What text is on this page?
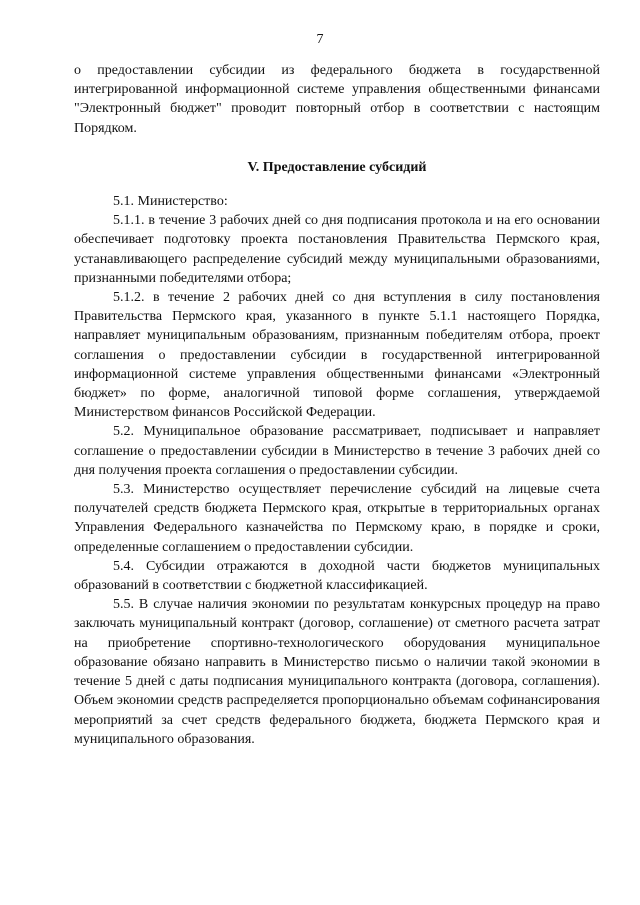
7

о предоставлении субсидии из федерального бюджета в государственной интегрированной информационной системе управления общественными финансами "Электронный бюджет" проводит повторный отбор в соответствии с настоящим Порядком.

V. Предоставление субсидий

5.1. Министерство:

5.1.1. в течение 3 рабочих дней со дня подписания протокола и на его основании обеспечивает подготовку проекта постановления Правительства Пермского края, устанавливающего распределение субсидий между муниципальными образованиями, признанными победителями отбора;

5.1.2. в течение 2 рабочих дней со дня вступления в силу постановления Правительства Пермского края, указанного в пункте 5.1.1 настоящего Порядка, направляет муниципальным образованиям, признанным победителям отбора, проект соглашения о предоставлении субсидии в государственной интегрированной информационной системе управления общественными финансами «Электронный бюджет» по форме, аналогичной типовой форме соглашения, утверждаемой Министерством финансов Российской Федерации.

5.2. Муниципальное образование рассматривает, подписывает и направляет соглашение о предоставлении субсидии в Министерство в течение 3 рабочих дней со дня получения проекта соглашения о предоставлении субсидии.

5.3. Министерство осуществляет перечисление субсидий на лицевые счета получателей средств бюджета Пермского края, открытые в территориальных органах Управления Федерального казначейства по Пермскому краю, в порядке и сроки, определенные соглашением о предоставлении субсидии.

5.4. Субсидии отражаются в доходной части бюджетов муниципальных образований в соответствии с бюджетной классификацией.

5.5. В случае наличия экономии по результатам конкурсных процедур на право заключать муниципальный контракт (договор, соглашение) от сметного расчета затрат на приобретение спортивно-технологического оборудования муниципальное образование обязано направить в Министерство письмо о наличии такой экономии в течение 5 дней с даты подписания муниципального контракта (договора, соглашения). Объем экономии средств распределяется пропорционально объемам софинансирования мероприятий за счет средств федерального бюджета, бюджета Пермского края и муниципального образования.
